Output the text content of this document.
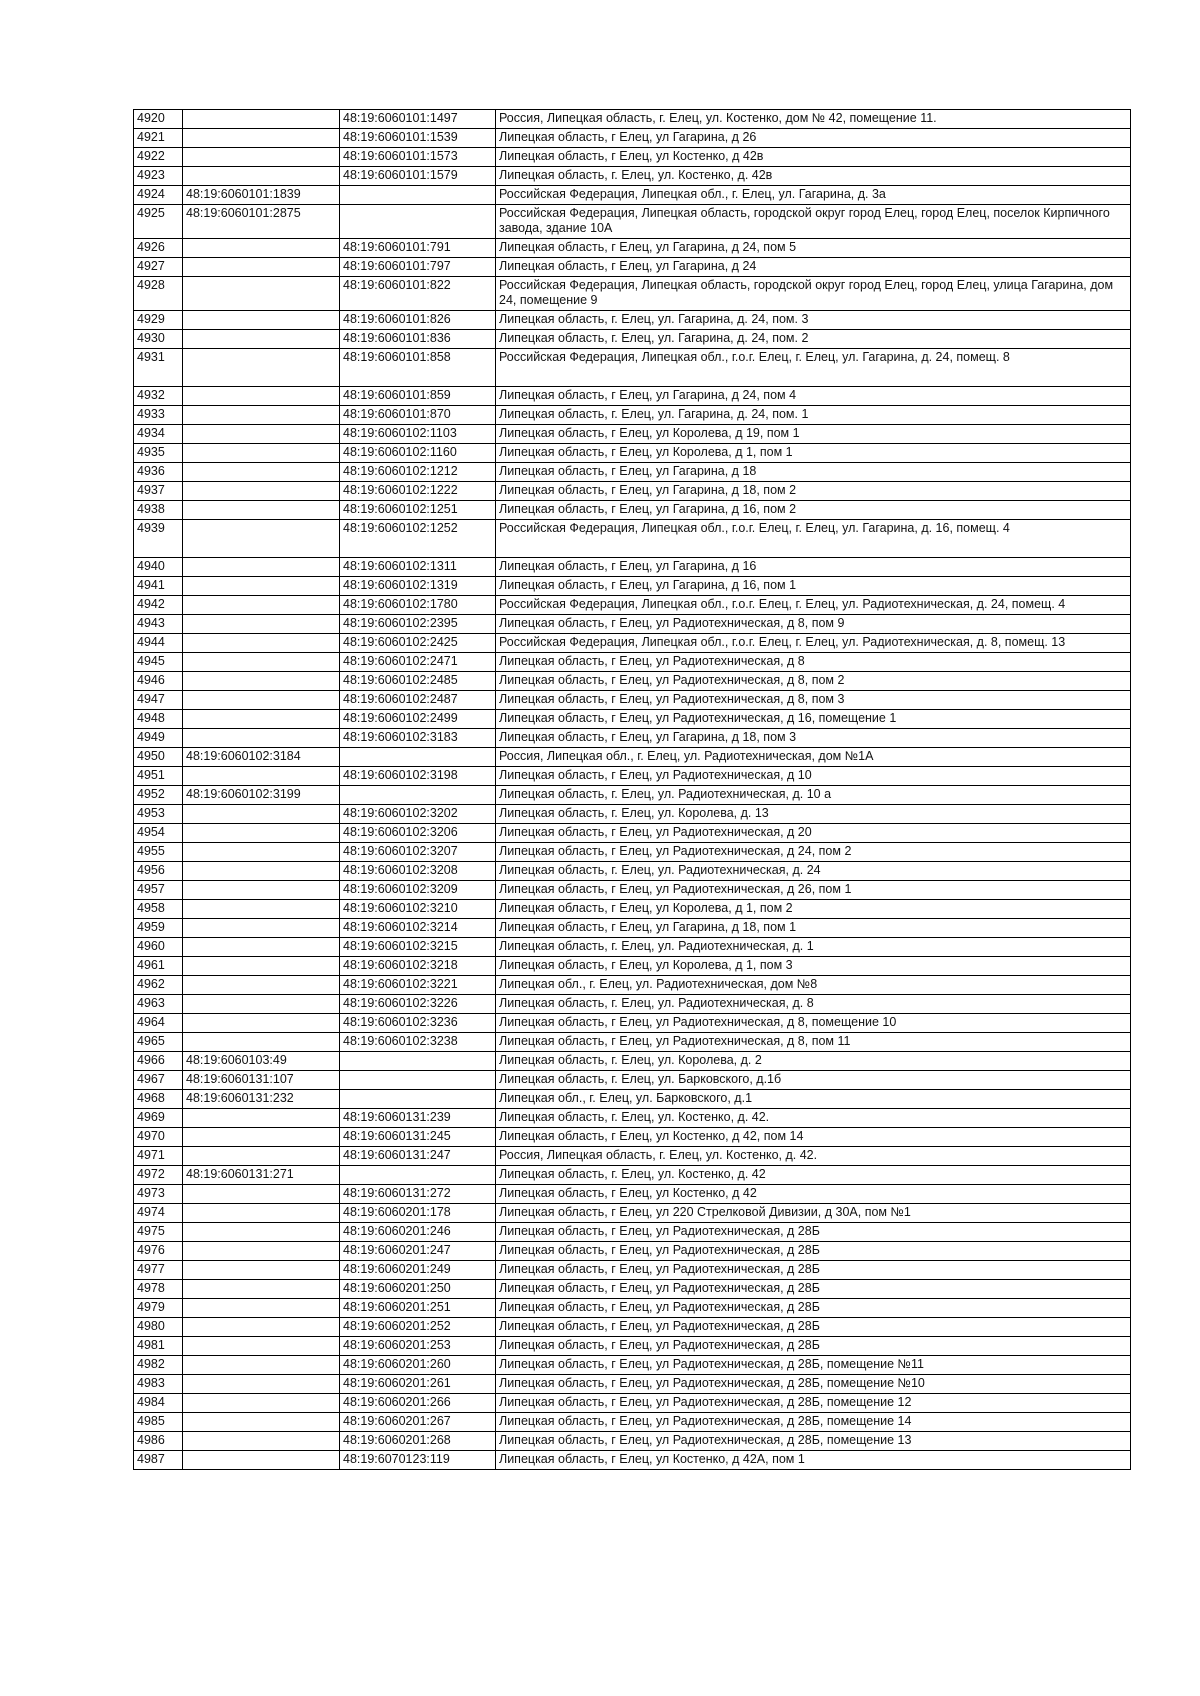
4920		48:19:6060101:1497	Россия, Липецкая область, г. Елец, ул. Костенко, дом № 42, помещение 11.
4921		48:19:6060101:1539	Липецкая область, г Елец, ул Гагарина, д 26
4922		48:19:6060101:1573	Липецкая область, г Елец, ул Костенко, д 42в
4923		48:19:6060101:1579	Липецкая область, г. Елец, ул. Костенко, д. 42в
4924	48:19:6060101:1839		Российская Федерация, Липецкая обл., г. Елец, ул. Гагарина, д. 3а
4925	48:19:6060101:2875		Российская Федерация, Липецкая область, городской округ город Елец, город Елец, поселок Кирпичного завода, здание 10А
4926		48:19:6060101:791	Липецкая область, г Елец, ул Гагарина, д 24, пом 5
4927		48:19:6060101:797	Липецкая область, г Елец, ул Гагарина, д 24
4928		48:19:6060101:822	Российская Федерация, Липецкая область, городской округ город Елец, город Елец, улица Гагарина, дом 24, помещение 9
4929		48:19:6060101:826	Липецкая область, г. Елец, ул. Гагарина, д. 24, пом. 3
4930		48:19:6060101:836	Липецкая область, г. Елец, ул. Гагарина, д. 24, пом. 2
4931		48:19:6060101:858	Российская Федерация, Липецкая обл., г.о.г. Елец, г. Елец, ул. Гагарина, д. 24, помещ. 8
4932		48:19:6060101:859	Липецкая область, г Елец, ул Гагарина, д 24, пом 4
4933		48:19:6060101:870	Липецкая область, г. Елец, ул. Гагарина, д. 24, пом. 1
4934		48:19:6060102:1103	Липецкая область, г Елец, ул Королева, д 19, пом 1
4935		48:19:6060102:1160	Липецкая область, г Елец, ул Королева, д 1, пом 1
4936		48:19:6060102:1212	Липецкая область, г Елец, ул Гагарина, д 18
4937		48:19:6060102:1222	Липецкая область, г Елец, ул Гагарина, д 18, пом 2
4938		48:19:6060102:1251	Липецкая область, г Елец, ул Гагарина, д 16, пом 2
4939		48:19:6060102:1252	Российская Федерация, Липецкая обл., г.о.г. Елец, г. Елец, ул. Гагарина, д. 16, помещ. 4
4940		48:19:6060102:1311	Липецкая область, г Елец, ул Гагарина, д 16
4941		48:19:6060102:1319	Липецкая область, г Елец, ул Гагарина, д 16, пом 1
4942		48:19:6060102:1780	Российская Федерация, Липецкая обл., г.о.г. Елец, г. Елец, ул. Радиотехническая, д. 24, помещ. 4
4943		48:19:6060102:2395	Липецкая область, г Елец, ул Радиотехническая, д 8, пом 9
4944		48:19:6060102:2425	Российская Федерация, Липецкая обл., г.о.г. Елец, г. Елец, ул. Радиотехническая, д. 8, помещ. 13
4945		48:19:6060102:2471	Липецкая область, г Елец, ул Радиотехническая, д 8
4946		48:19:6060102:2485	Липецкая область, г Елец, ул Радиотехническая, д 8, пом 2
4947		48:19:6060102:2487	Липецкая область, г Елец, ул Радиотехническая, д 8, пом 3
4948		48:19:6060102:2499	Липецкая область, г Елец, ул Радиотехническая, д 16, помещение 1
4949		48:19:6060102:3183	Липецкая область, г Елец, ул Гагарина, д 18, пом 3
4950	48:19:6060102:3184		Россия, Липецкая обл., г. Елец, ул. Радиотехническая, дом №1А
4951		48:19:6060102:3198	Липецкая область, г Елец, ул Радиотехническая, д 10
4952	48:19:6060102:3199		Липецкая область, г. Елец, ул. Радиотехническая, д. 10 а
4953		48:19:6060102:3202	Липецкая область, г. Елец, ул. Королева, д. 13
4954		48:19:6060102:3206	Липецкая область, г Елец, ул Радиотехническая, д 20
4955		48:19:6060102:3207	Липецкая область, г Елец, ул Радиотехническая, д 24, пом 2
4956		48:19:6060102:3208	Липецкая область, г. Елец, ул. Радиотехническая, д. 24
4957		48:19:6060102:3209	Липецкая область, г Елец, ул Радиотехническая, д 26, пом 1
4958		48:19:6060102:3210	Липецкая область, г Елец, ул Королева, д 1, пом 2
4959		48:19:6060102:3214	Липецкая область, г Елец, ул Гагарина, д 18, пом 1
4960		48:19:6060102:3215	Липецкая область, г. Елец, ул. Радиотехническая, д. 1
4961		48:19:6060102:3218	Липецкая область, г Елец, ул Королева, д 1, пом 3
4962		48:19:6060102:3221	Липецкая обл., г. Елец, ул. Радиотехническая, дом №8
4963		48:19:6060102:3226	Липецкая область, г. Елец, ул. Радиотехническая, д. 8
4964		48:19:6060102:3236	Липецкая область, г Елец, ул Радиотехническая, д 8, помещение 10
4965		48:19:6060102:3238	Липецкая область, г Елец, ул Радиотехническая, д 8, пом 11
4966	48:19:6060103:49		Липецкая область, г. Елец, ул. Королева, д. 2
4967	48:19:6060131:107		Липецкая область, г. Елец, ул. Барковского, д.1б
4968	48:19:6060131:232		Липецкая обл., г. Елец, ул. Барковского, д.1
4969		48:19:6060131:239	Липецкая область, г. Елец, ул. Костенко, д. 42.
4970		48:19:6060131:245	Липецкая область, г Елец, ул Костенко, д 42, пом 14
4971		48:19:6060131:247	Россия, Липецкая область, г. Елец, ул. Костенко, д. 42.
4972	48:19:6060131:271		Липецкая область, г. Елец, ул. Костенко, д. 42
4973		48:19:6060131:272	Липецкая область, г Елец, ул Костенко, д 42
4974		48:19:6060201:178	Липецкая область, г Елец, ул 220 Стрелковой Дивизии, д 30А, пом №1
4975		48:19:6060201:246	Липецкая область, г Елец, ул Радиотехническая, д 28Б
4976		48:19:6060201:247	Липецкая область, г Елец, ул Радиотехническая, д 28Б
4977		48:19:6060201:249	Липецкая область, г Елец, ул Радиотехническая, д 28Б
4978		48:19:6060201:250	Липецкая область, г Елец, ул Радиотехническая, д 28Б
4979		48:19:6060201:251	Липецкая область, г Елец, ул Радиотехническая, д 28Б
4980		48:19:6060201:252	Липецкая область, г Елец, ул Радиотехническая, д 28Б
4981		48:19:6060201:253	Липецкая область, г Елец, ул Радиотехническая, д 28Б
4982		48:19:6060201:260	Липецкая область, г Елец, ул Радиотехническая, д 28Б, помещение №11
4983		48:19:6060201:261	Липецкая область, г Елец, ул Радиотехническая, д 28Б, помещение №10
4984		48:19:6060201:266	Липецкая область, г Елец, ул Радиотехническая, д 28Б, помещение 12
4985		48:19:6060201:267	Липецкая область, г Елец, ул Радиотехническая, д 28Б, помещение 14
4986		48:19:6060201:268	Липецкая область, г Елец, ул Радиотехническая, д 28Б, помещение 13
4987		48:19:6070123:119	Липецкая область, г Елец, ул Костенко, д 42А, пом 1
